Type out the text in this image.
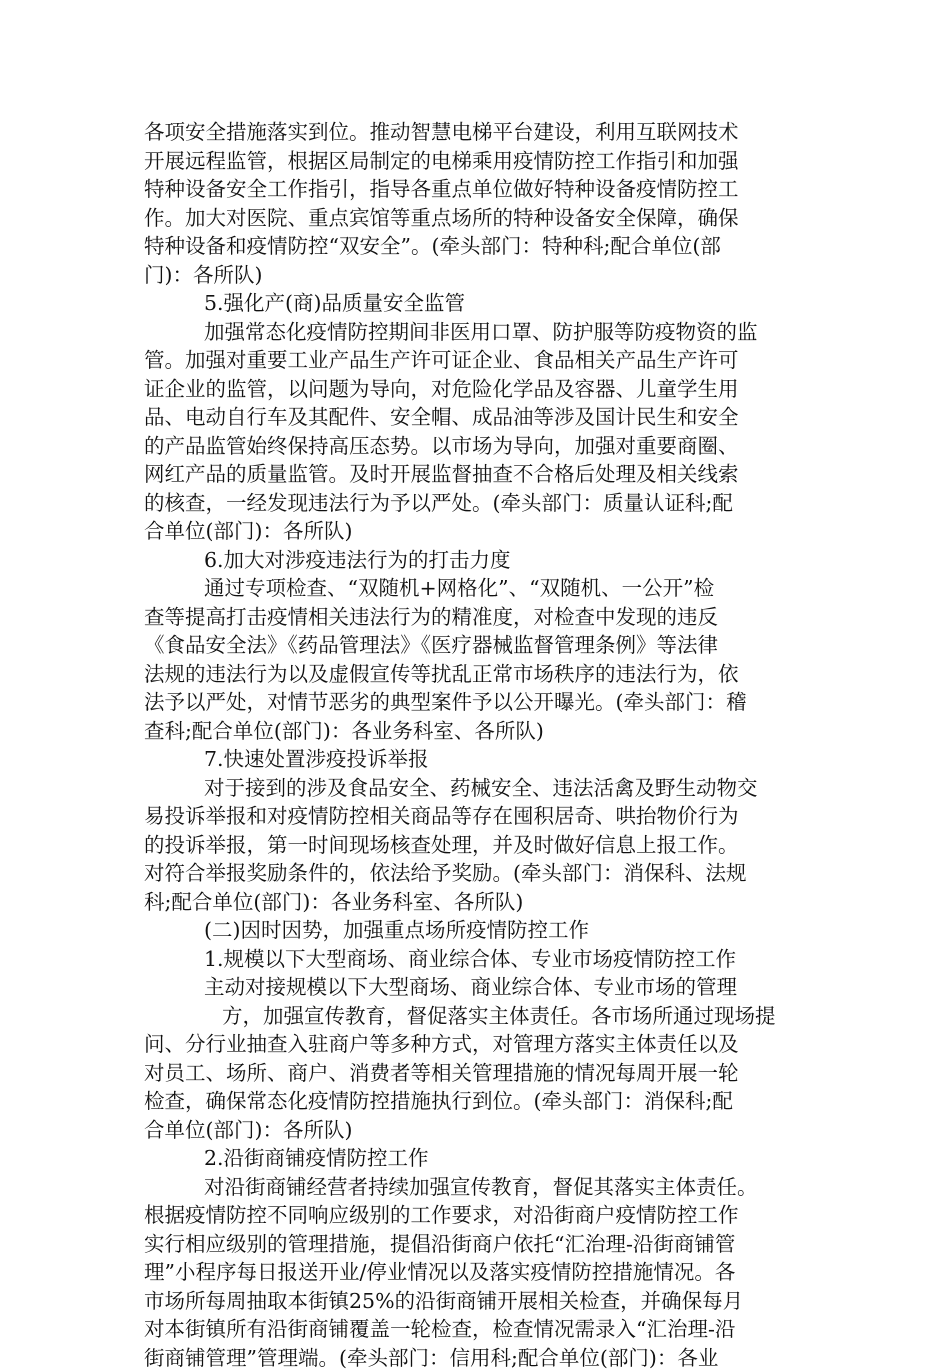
各项安全措施落实到位。推动智慧电梯平台建设，利用互联网技术
开展远程监管，根据区局制定的电梯乘用疫情防控工作指引和加强
特种设备安全工作指引，指导各重点单位做好特种设备疫情防控工
作。加大对医院、重点宾馆等重点场所的特种设备安全保障，确保
特种设备和疫情防控“双安全”。(牵头部门：特种科;配合单位(部
门)：各所队)
5.强化产(商)品质量安全监管
加强常态化疫情防控期间非医用口罩、防护服等防疫物资的监
管。加强对重要工业产品生产许可证企业、食品相关产品生产许可
证企业的监管，以问题为导向，对危险化学品及容器、儿童学生用
品、电动自行车及其配件、安全帽、成品油等涉及国计民生和安全
的产品监管始终保持高压态势。以市场为导向，加强对重要商圈、
网红产品的质量监管。及时开展监督抽查不合格后处理及相关线索
的核查，一经发现违法行为予以严处。(牵头部门：质量认证科;配
合单位(部门)：各所队)
6.加大对涉疫违法行为的打击力度
通过专项检查、“双随机+网格化”、“双随机、一公开”检
查等提高打击疫情相关违法行为的精准度，对检查中发现的违反
《食品安全法》《药品管理法》《医疗器械监督管理条例》等法律
法规的违法行为以及虚假宣传等扰乱正常市场秩序的违法行为，依
法予以严处，对情节恶劣的典型案件予以公开曝光。(牵头部门：稽
查科;配合单位(部门)：各业务科室、各所队)
7.快速处置涉疫投诉举报
对于接到的涉及食品安全、药械安全、违法活禽及野生动物交
易投诉举报和对疫情防控相关商品等存在囤积居奇、哄抬物价行为
的投诉举报，第一时间现场核查处理，并及时做好信息上报工作。
对符合举报奖励条件的，依法给予奖励。(牵头部门：消保科、法规
科;配合单位(部门)：各业务科室、各所队)
(二)因时因势，加强重点场所疫情防控工作
1.规模以下大型商场、商业综合体、专业市场疫情防控工作
主动对接规模以下大型商场、商业综合体、专业市场的管理
方，加强宣传教育，督促落实主体责任。各市场所通过现场提
问、分行业抽查入驻商户等多种方式，对管理方落实主体责任以及
对员工、场所、商户、消费者等相关管理措施的情况每周开展一轮
检查，确保常态化疫情防控措施执行到位。(牵头部门：消保科;配
合单位(部门)：各所队)
2.沿街商铺疫情防控工作
对沿街商铺经营者持续加强宣传教育，督促其落实主体责任。
根据疫情防控不同响应级别的工作要求，对沿街商户疫情防控工作
实行相应级别的管理措施，提倡沿街商户依托“汇治理-沿街商铺管
理”小程序每日报送开业/停业情况以及落实疫情防控措施情况。各
市场所每周抽取本街镇25%的沿街商铺开展相关检查，并确保每月
对本街镇所有沿街商铺覆盖一轮检查，检查情况需录入“汇治理-沿
街商铺管理”管理端。(牵头部门：信用科;配合单位(部门)：各业
